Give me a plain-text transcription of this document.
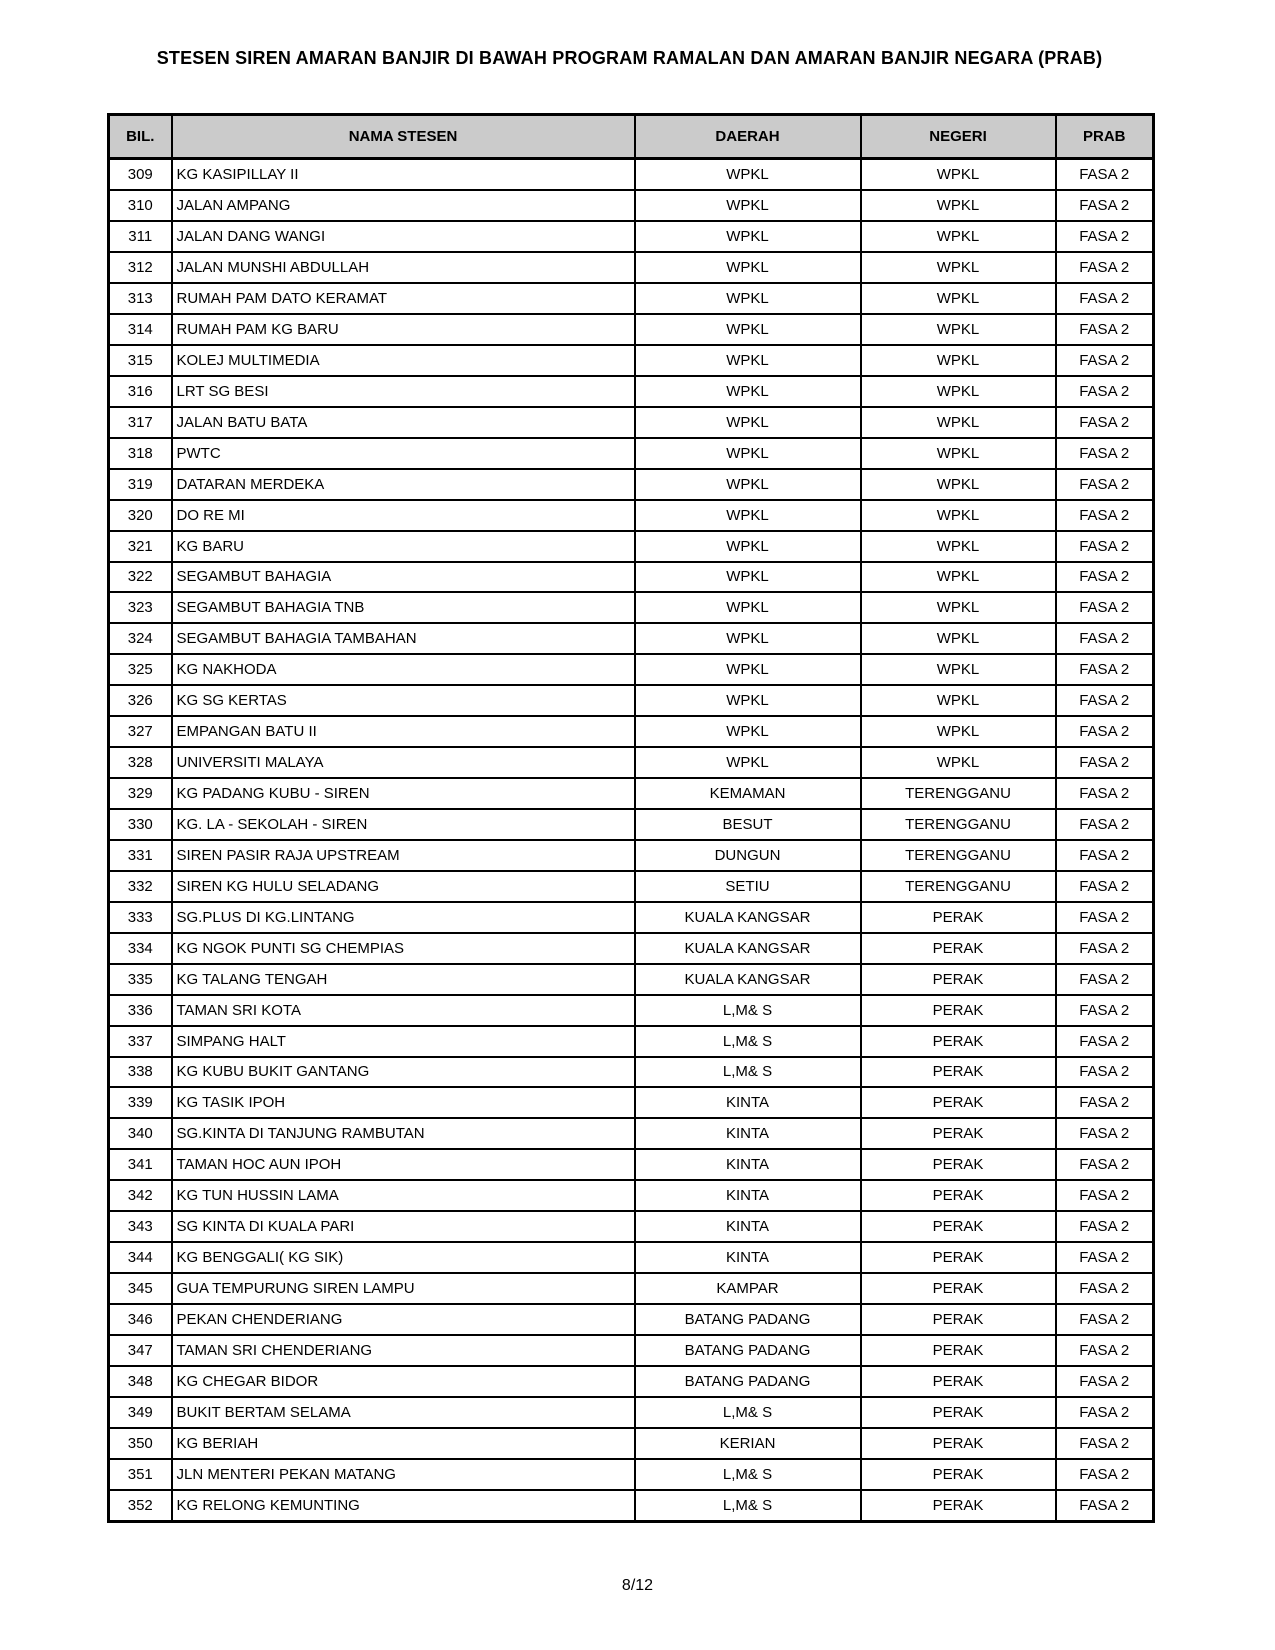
STESEN SIREN AMARAN BANJIR DI BAWAH PROGRAM RAMALAN DAN AMARAN BANJIR NEGARA (PRAB)
BIL.	NAMA STESEN	DAERAH	NEGERI	PRAB
309	KG KASIPILLAY II	WPKL	WPKL	FASA 2
310	JALAN AMPANG	WPKL	WPKL	FASA 2
311	JALAN DANG WANGI	WPKL	WPKL	FASA 2
312	JALAN MUNSHI ABDULLAH	WPKL	WPKL	FASA 2
313	RUMAH PAM DATO KERAMAT	WPKL	WPKL	FASA 2
314	RUMAH PAM KG BARU	WPKL	WPKL	FASA 2
315	KOLEJ MULTIMEDIA	WPKL	WPKL	FASA 2
316	LRT SG BESI	WPKL	WPKL	FASA 2
317	JALAN BATU BATA	WPKL	WPKL	FASA 2
318	PWTC	WPKL	WPKL	FASA 2
319	DATARAN MERDEKA	WPKL	WPKL	FASA 2
320	DO RE MI	WPKL	WPKL	FASA 2
321	KG BARU	WPKL	WPKL	FASA 2
322	SEGAMBUT BAHAGIA	WPKL	WPKL	FASA 2
323	SEGAMBUT BAHAGIA TNB	WPKL	WPKL	FASA 2
324	SEGAMBUT BAHAGIA TAMBAHAN	WPKL	WPKL	FASA 2
325	KG NAKHODA	WPKL	WPKL	FASA 2
326	KG SG KERTAS	WPKL	WPKL	FASA 2
327	EMPANGAN BATU II	WPKL	WPKL	FASA 2
328	UNIVERSITI MALAYA	WPKL	WPKL	FASA 2
329	KG PADANG KUBU - SIREN	KEMAMAN	TERENGGANU	FASA 2
330	KG. LA - SEKOLAH - SIREN	BESUT	TERENGGANU	FASA 2
331	SIREN PASIR RAJA UPSTREAM	DUNGUN	TERENGGANU	FASA 2
332	SIREN KG HULU SELADANG	SETIU	TERENGGANU	FASA 2
333	SG.PLUS DI KG.LINTANG	KUALA KANGSAR	PERAK	FASA 2
334	KG NGOK PUNTI SG CHEMPIAS	KUALA KANGSAR	PERAK	FASA 2
335	KG TALANG TENGAH	KUALA KANGSAR	PERAK	FASA 2
336	TAMAN SRI KOTA	L,M& S	PERAK	FASA 2
337	SIMPANG HALT	L,M& S	PERAK	FASA 2
338	KG KUBU BUKIT GANTANG	L,M& S	PERAK	FASA 2
339	KG TASIK IPOH	KINTA	PERAK	FASA 2
340	SG.KINTA DI TANJUNG RAMBUTAN	KINTA	PERAK	FASA 2
341	TAMAN HOC AUN IPOH	KINTA	PERAK	FASA 2
342	KG TUN HUSSIN LAMA	KINTA	PERAK	FASA 2
343	SG KINTA DI KUALA PARI	KINTA	PERAK	FASA 2
344	KG BENGGALI( KG SIK)	KINTA	PERAK	FASA 2
345	GUA TEMPURUNG SIREN LAMPU	KAMPAR	PERAK	FASA 2
346	PEKAN CHENDERIANG	BATANG PADANG	PERAK	FASA 2
347	TAMAN SRI CHENDERIANG	BATANG PADANG	PERAK	FASA 2
348	KG CHEGAR BIDOR	BATANG PADANG	PERAK	FASA 2
349	BUKIT BERTAM SELAMA	L,M& S	PERAK	FASA 2
350	KG BERIAH	KERIAN	PERAK	FASA 2
351	JLN MENTERI PEKAN MATANG	L,M& S	PERAK	FASA 2
352	KG RELONG KEMUNTING	L,M& S	PERAK	FASA 2
8/12
